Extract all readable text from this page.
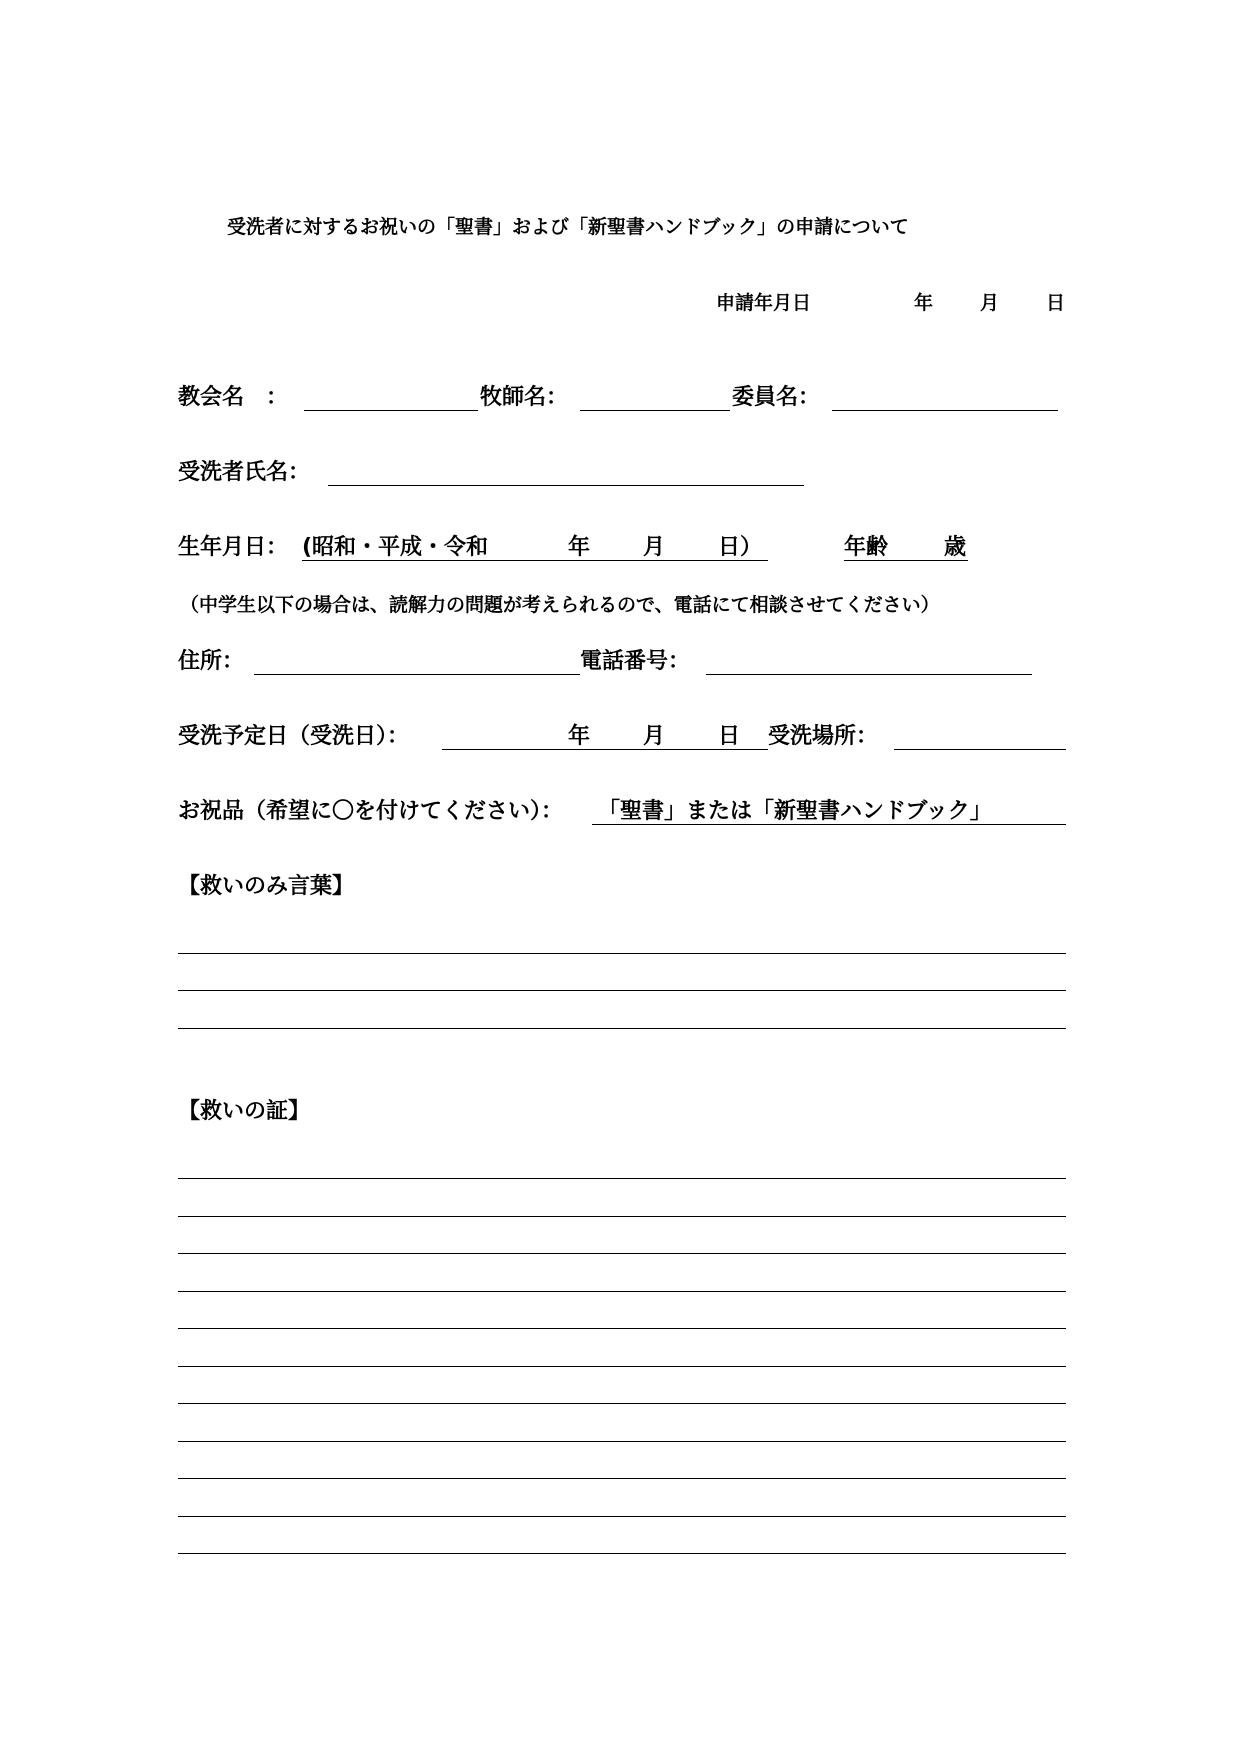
受洗者に対するお祝いの「聖書」および「新聖書ハンドブック」の申請について
申請年月日	年 月 日
教会名　：	牧師名：	委員名：
受洗者氏名：
生年月日： (昭和・平成・令和	年 月 日）	年齢	歳
（中学生以下の場合は、読解力の問題が考えられるので、電話にて相談させてください）
住所：	電話番号：
受洗予定日（受洗日）：	年 月 日 受洗場所：
お祝品（希望に〇を付けてください）： 「聖書」または「新聖書ハンドブック」
【救いのみ言葉】
【救いの証】
